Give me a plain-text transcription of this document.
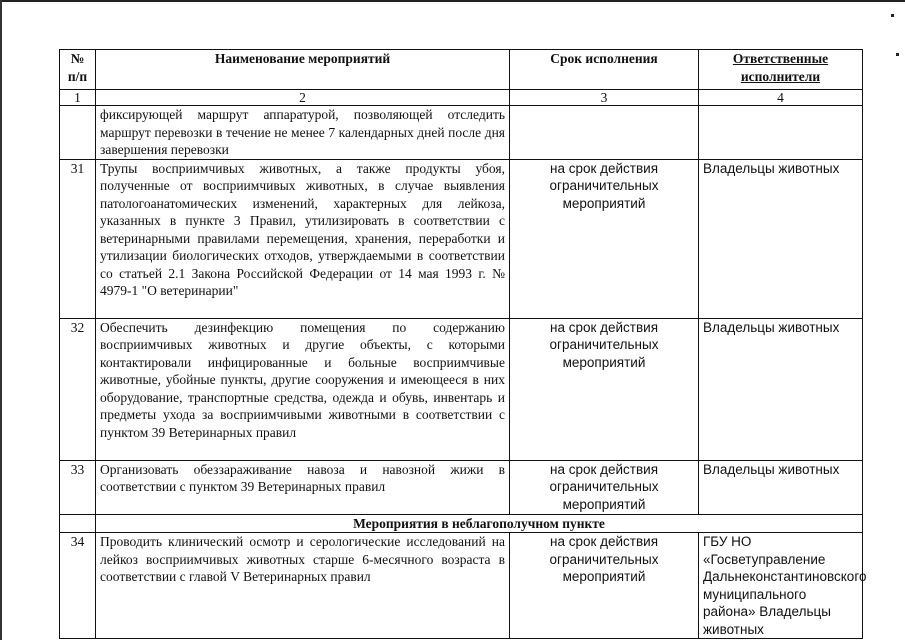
№
п/п	Наименование мероприятий	Срок исполнения	Ответственные исполнители
1	2	3	4
	фиксирующей маршрут аппаратурой, позволяющей отследить маршрут перевозки в течение не менее 7 календарных дней после дня завершения перевозки		
31	Трупы восприимчивых животных, а также продукты убоя, полученные от восприимчивых животных, в случае выявления патологоанатомических изменений, характерных для лейкоза, указанных в пункте 3 Правил, утилизировать в соответствии с ветеринарными правилами перемещения, хранения, переработки и утилизации биологических отходов, утверждаемыми в соответствии со статьей 2.1 Закона Российской Федерации от 14 мая 1993 г. № 4979-1 "О ветеринарии"	на срок действия ограничительных мероприятий	Владельцы животных
32	Обеспечить дезинфекцию помещения по содержанию восприимчивых животных и другие объекты, с которыми контактировали инфицированные и больные восприимчивые животные, убойные пункты, другие сооружения и имеющееся в них оборудование, транспортные средства, одежда и обувь, инвентарь и предметы ухода за восприимчивыми животными в соответствии с пунктом 39 Ветеринарных правил	на срок действия ограничительных мероприятий	Владельцы животных
33	Организовать обеззараживание навоза и навозной жижи в соответствии с пунктом 39 Ветеринарных правил	на срок действия ограничительных мероприятий	Владельцы животных
	Мероприятия в неблагополучном пункте		
34	Проводить клинический осмотр и серологические исследований на лейкоз восприимчивых животных старше 6-месячного возраста в соответствии с главой V Ветеринарных правил	на срок действия ограничительных мероприятий	ГБУ НО «Госветуправление Дальнеконстантиновского муниципального района» Владельцы животных
